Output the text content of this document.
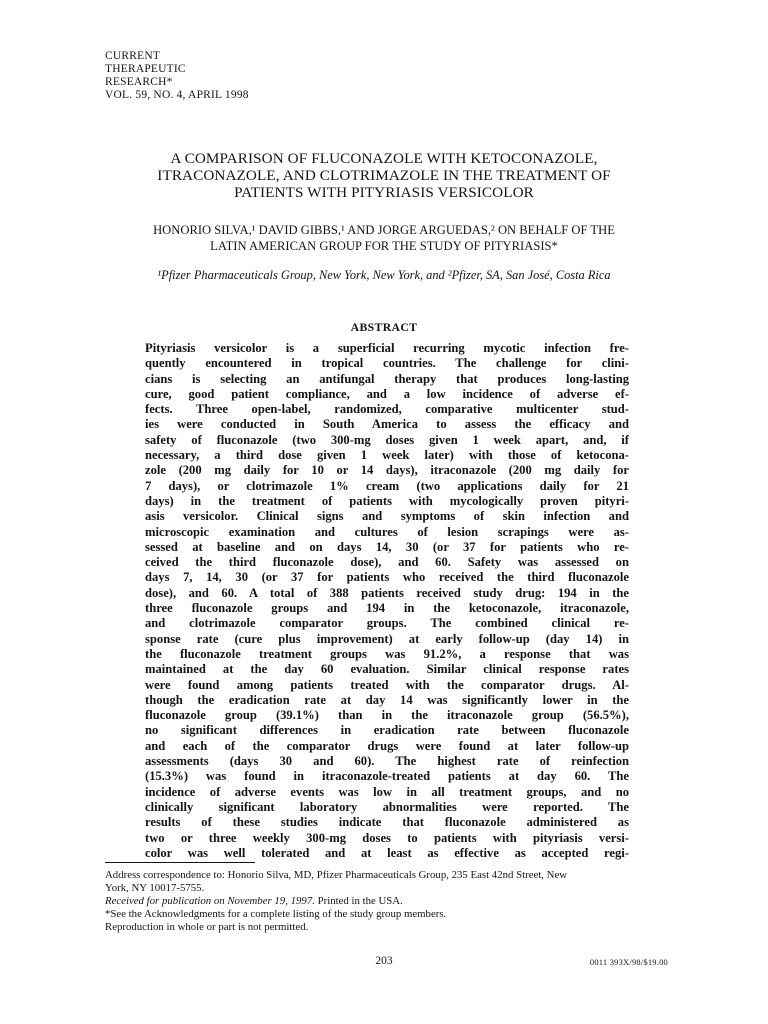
CURRENT
THERAPEUTIC
RESEARCH*
VOL. 59, NO. 4, APRIL 1998
A COMPARISON OF FLUCONAZOLE WITH KETOCONAZOLE,
ITRACONAZOLE, AND CLOTRIMAZOLE IN THE TREATMENT OF
PATIENTS WITH PITYRIASIS VERSICOLOR
HONORIO SILVA,¹ DAVID GIBBS,¹ AND JORGE ARGUEDAS,² ON BEHALF OF THE
LATIN AMERICAN GROUP FOR THE STUDY OF PITYRIASIS*
¹Pfizer Pharmaceuticals Group, New York, New York, and ²Pfizer, SA, San José, Costa Rica
ABSTRACT
Pityriasis versicolor is a superficial recurring mycotic infection fre-
quently encountered in tropical countries. The challenge for clini-
cians is selecting an antifungal therapy that produces long-lasting
cure, good patient compliance, and a low incidence of adverse ef-
fects. Three open-label, randomized, comparative multicenter stud-
ies were conducted in South America to assess the efficacy and
safety of fluconazole (two 300-mg doses given 1 week apart, and, if
necessary, a third dose given 1 week later) with those of ketocona-
zole (200 mg daily for 10 or 14 days), itraconazole (200 mg daily for
7 days), or clotrimazole 1% cream (two applications daily for 21
days) in the treatment of patients with mycologically proven pityri-
asis versicolor. Clinical signs and symptoms of skin infection and
microscopic examination and cultures of lesion scrapings were as-
sessed at baseline and on days 14, 30 (or 37 for patients who re-
ceived the third fluconazole dose), and 60. Safety was assessed on
days 7, 14, 30 (or 37 for patients who received the third fluconazole
dose), and 60. A total of 388 patients received study drug: 194 in the
three fluconazole groups and 194 in the ketoconazole, itraconazole,
and clotrimazole comparator groups. The combined clinical re-
sponse rate (cure plus improvement) at early follow-up (day 14) in
the fluconazole treatment groups was 91.2%, a response that was
maintained at the day 60 evaluation. Similar clinical response rates
were found among patients treated with the comparator drugs. Al-
though the eradication rate at day 14 was significantly lower in the
fluconazole group (39.1%) than in the itraconazole group (56.5%),
no significant differences in eradication rate between fluconazole
and each of the comparator drugs were found at later follow-up
assessments (days 30 and 60). The highest rate of reinfection
(15.3%) was found in itraconazole-treated patients at day 60. The
incidence of adverse events was low in all treatment groups, and no
clinically significant laboratory abnormalities were reported. The
results of these studies indicate that fluconazole administered as
two or three weekly 300-mg doses to patients with pityriasis versi-
color was well tolerated and at least as effective as accepted regi-
Address correspondence to: Honorio Silva, MD, Pfizer Pharmaceuticals Group, 235 East 42nd Street, New
York, NY 10017-5755.
Received for publication on November 19, 1997. Printed in the USA.
*See the Acknowledgments for a complete listing of the study group members.
Reproduction in whole or part is not permitted.
203	0011 393X/98/$19.00
